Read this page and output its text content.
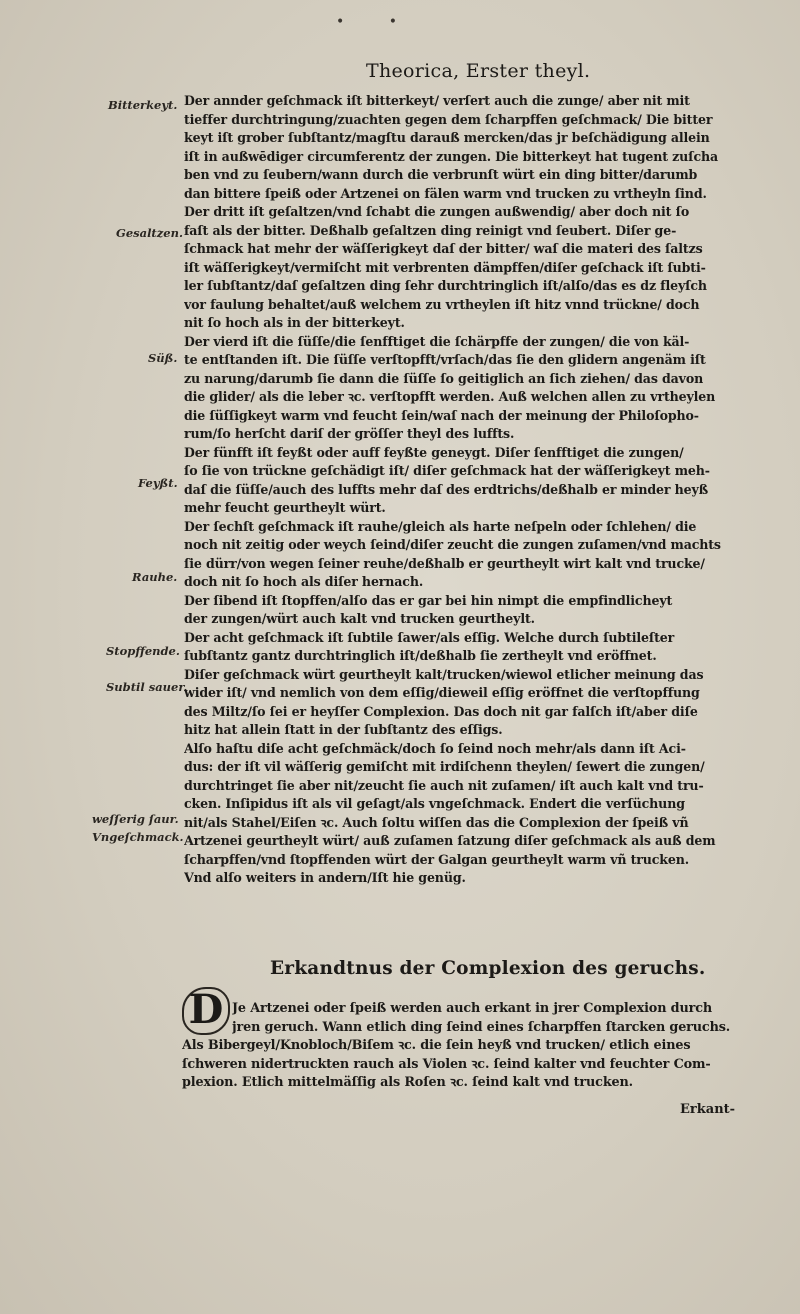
• •
Theorica, Erster theyl.
Bitterkeyt.
Gesaltzen.
Süß.
Feyßt.
Rauhe.
Stopffende.
Subtil sauer.
weſſerig ſaur.
Vngeſchmack.
Der annder geſchmack iſt bitterkeyt/ verſert auch die zunge/ aber nit mit
tieffer durchtringung/zuachten gegen dem ſcharpffen geſchmack/ Die bitter
keyt iſt grober ſubſtantz/magſtu darauß mercken/das jr beſchädigung allein
iſt in außwēdiger circumferentz der zungen. Die bitterkeyt hat tugent zuſcha
ben vnd zu ſeubern/wann durch die verbrunſt würt ein ding bitter/darumb
dan bittere ſpeiß oder Artzenei on fälen warm vnd trucken zu vrtheyln ſind.
Der dritt iſt geſaltzen/vnd ſchabt die zungen außwendig/ aber doch nit ſo
faſt als der bitter. Deßhalb geſaltzen ding reinigt vnd ſeubert. Diſer ge-
ſchmack hat mehr der wäſſerigkeyt daſ der bitter/ waſ die materi des ſaltzs
iſt wäſſerigkeyt/vermiſcht mit verbrenten dämpffen/diſer geſchack iſt ſubti-
ler ſubſtantz/daſ geſaltzen ding ſehr durchtringlich iſt/alſo/das es dz fleyſch
vor faulung behaltet/auß welchem zu vrtheylen iſt hitz vnnd trückne/ doch
nit ſo hoch als in der bitterkeyt.
Der vierd iſt die ſüſſe/die ſenfftiget die ſchärpffe der zungen/ die von käl-
te entſtanden iſt. Die ſüſſe verſtopfft/vrſach/das ſie den glidern angenäm iſt
zu narung/darumb ſie dann die ſüſſe ſo geitiglich an ſich ziehen/ das davon
die glider/ als die leber ꝛc. verſtopfft werden. Auß welchen allen zu vrtheylen
die ſüſſigkeyt warm vnd feucht ſein/waſ nach der meinung der Philoſopho-
rum/ſo herſcht dariſ der gröſſer theyl des luffts.
Der fünfft iſt feyßt oder auff feyßte geneygt. Diſer ſenfftiget die zungen/
ſo ſie von trückne geſchädigt iſt/ diſer geſchmack hat der wäſſerigkeyt meh-
daſ die ſüſſe/auch des luffts mehr daſ des erdtrichs/deßhalb er minder heyß
mehr feucht geurtheylt würt.
Der ſechſt geſchmack iſt rauhe/gleich als harte neſpeln oder ſchlehen/ die
noch nit zeitig oder weych ſeind/diſer zeucht die zungen zuſamen/vnd machts
ſie dürr/von wegen ſeiner reuhe/deßhalb er geurtheylt wirt kalt vnd trucke/
doch nit ſo hoch als diſer hernach.
Der ſibend iſt ſtopffen/alſo das er gar bei hin nimpt die empfindlicheyt
der zungen/würt auch kalt vnd trucken geurtheylt.
Der acht geſchmack iſt ſubtile ſawer/als eſſig. Welche durch ſubtileſter
ſubſtantz gantz durchtringlich iſt/deßhalb ſie zertheylt vnd eröffnet.
Diſer geſchmack würt geurtheylt kalt/trucken/wiewol etlicher meinung das
wider iſt/ vnd nemlich von dem eſſig/dieweil eſſig eröffnet die verſtopffung
des Miltz/ſo ſei er heyſſer Complexion. Das doch nit gar falſch iſt/aber diſe
hitz hat allein ſtatt in der ſubſtantz des eſſigs.
Alſo haſtu diſe acht geſchmäck/doch ſo ſeind noch mehr/als dann iſt Aci-
dus: der iſt vil wäſſerig gemiſcht mit irdiſchenn theylen/ ſewert die zungen/
durchtringet ſie aber nit/zeucht ſie auch nit zuſamen/ iſt auch kalt vnd tru-
cken. Inſipidus iſt als vil geſagt/als vngeſchmack. Endert die verſüchung
nit/als Stahel/Eiſen ꝛc. Auch ſoltu wiſſen das die Complexion der ſpeiß vñ
Artzenei geurtheylt würt/ auß zuſamen ſatzung diſer geſchmack als auß dem
ſcharpffen/vnd ſtopffenden würt der Galgan geurtheylt warm vñ trucken.
Vnd alſo weiters in andern/Iſt hie genüg.
Erkandtnus der Complexion des geruchs.
D Je Artzenei oder ſpeiß werden auch erkant in jrer Complexion durch
jren geruch. Wann etlich ding ſeind eines ſcharpffen ſtarcken geruchs.
Als Bibergeyl/Knobloch/Biſem ꝛc. die ſein heyß vnd trucken/ etlich eines
ſchweren nidertruckten rauch als Violen ꝛc. ſeind kalter vnd feuchter Com-
plexion. Etlich mittelmäſſig als Roſen ꝛc. ſeind kalt vnd trucken.
Erkant-
